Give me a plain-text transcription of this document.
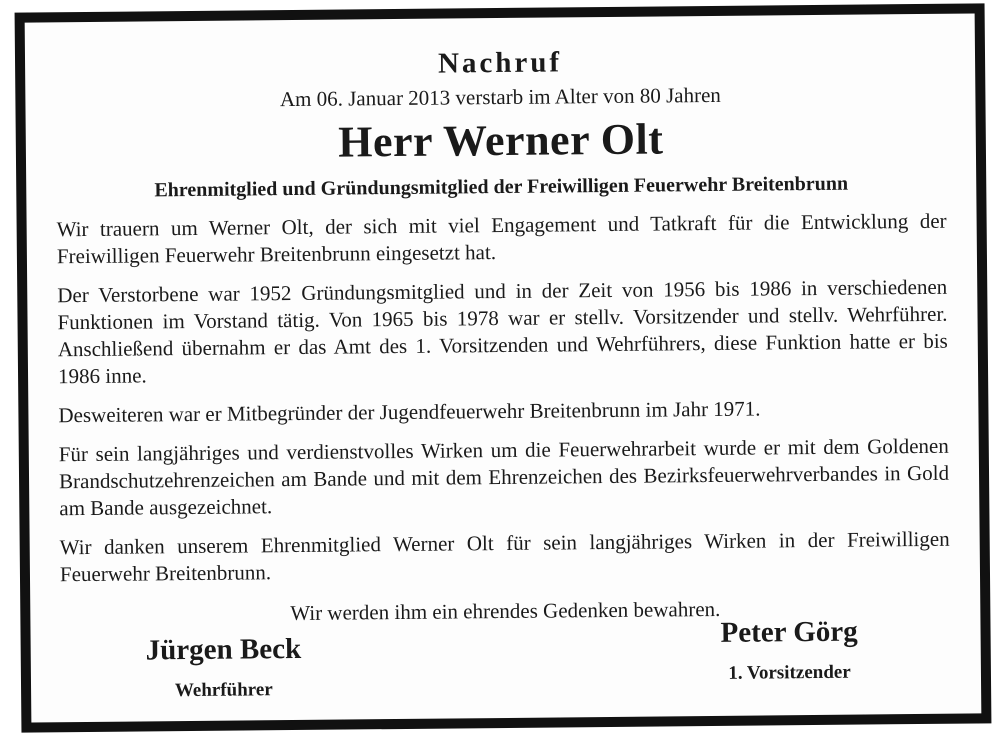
Nachruf
Am 06. Januar 2013 verstarb im Alter von 80 Jahren
Herr Werner Olt
Ehrenmitglied und Gründungsmitglied der Freiwilligen Feuerwehr Breitenbrunn

Wir trauern um Werner Olt, der sich mit viel Engagement und Tatkraft für die Entwicklung der Freiwilligen Feuerwehr Breitenbrunn eingesetzt hat.

Der Verstorbene war 1952 Gründungsmitglied und in der Zeit von 1956 bis 1986 in verschiedenen Funktionen im Vorstand tätig. Von 1965 bis 1978 war er stellv. Vorsitzender und stellv. Wehrführer. Anschließend übernahm er das Amt des 1. Vorsitzenden und Wehrführers, diese Funktion hatte er bis 1986 inne.

Desweiteren war er Mitbegründer der Jugendfeuerwehr Breitenbrunn im Jahr 1971.

Für sein langjähriges und verdienstvolles Wirken um die Feuerwehrarbeit wurde er mit dem Goldenen Brandschutzehrenzeichen am Bande und mit dem Ehrenzeichen des Bezirksfeuerwehrverbandes in Gold am Bande ausgezeichnet.

Wir danken unserem Ehrenmitglied Werner Olt für sein langjähriges Wirken in der Freiwilligen Feuerwehr Breitenbrunn.

Wir werden ihm ein ehrendes Gedenken bewahren.
Jürgen Beck
Wehrführer
Peter Görg
1. Vorsitzender
